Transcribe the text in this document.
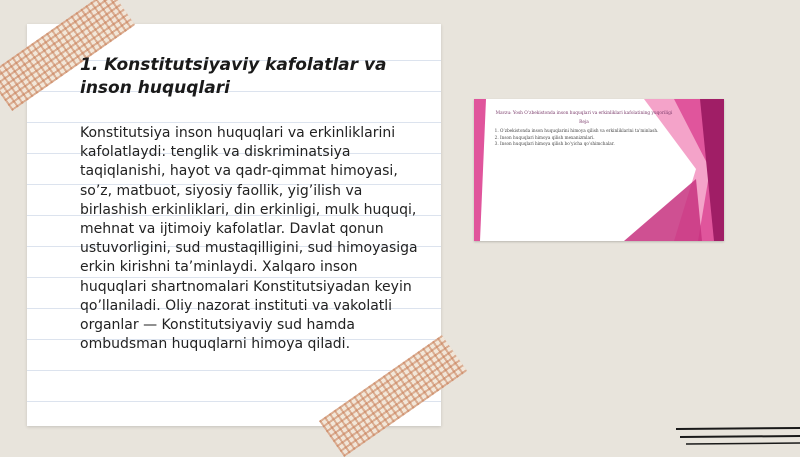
1. Konstitutsiyaviy kafolatlar va inson huquqlari

Konstitutsiya inson huquqlari va erkinliklarini kafolatlaydi: tenglik va diskriminatsiya taqiqlanishi, hayot va qadr-qimmat himoyasi, so’z, matbuot, siyosiy faollik, yig’ilish va birlashish erkinliklari, din erkinligi, mulk huquqi, mehnat va ijtimoiy kafolatlar. Davlat qonun ustuvorligini, sud mustaqilligini, sud himoyasiga erkin kirishni ta’minlaydi. Xalqaro inson huquqlari shartnomalari Konstitutsiyadan keyin qo’llaniladi. Oliy nazorat instituti va vakolatli organlar — Konstitutsiyaviy sud hamda ombudsman huquqlarni himoya qiladi.

Mavzu: Yosh O‘zbekistonda inson huquqlari va erkinliklari kafolatining yuqoriligi

Reja

1. O‘zbekistonda inson huquqlarini himoya qilish va erkinliklarini ta’minlash.
2. Inson huquqlari himoya qilish mexanizmlari.
3. Inson huquqlari himoya qilish bo‘yicha qo‘shimchalar.
